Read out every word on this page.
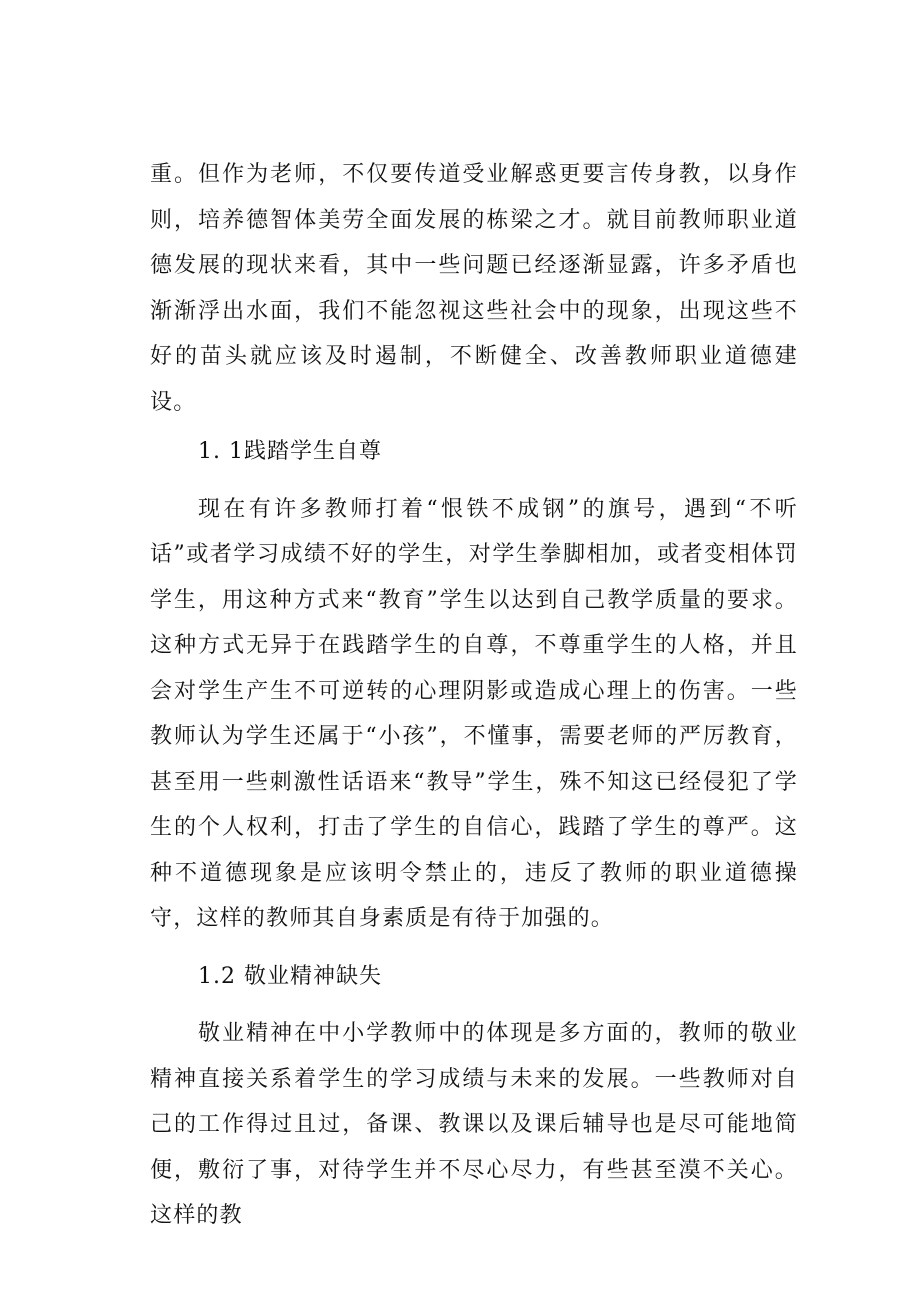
重。但作为老师，不仅要传道受业解惑更要言传身教，以身作则，培养德智体美劳全面发展的栋梁之才。就目前教师职业道德发展的现状来看，其中一些问题已经逐渐显露，许多矛盾也渐渐浮出水面，我们不能忽视这些社会中的现象，出现这些不好的苗头就应该及时遏制，不断健全、改善教师职业道德建设。

1. 1践踏学生自尊

现在有许多教师打着“恨铁不成钢”的旗号，遇到“不听话”或者学习成绩不好的学生，对学生拳脚相加，或者变相体罚学生，用这种方式来“教育”学生以达到自己教学质量的要求。这种方式无异于在践踏学生的自尊，不尊重学生的人格，并且会对学生产生不可逆转的心理阴影或造成心理上的伤害。一些教师认为学生还属于“小孩”，不懂事，需要老师的严厉教育，甚至用一些刺激性话语来“教导”学生，殊不知这已经侵犯了学生的个人权利，打击了学生的自信心，践踏了学生的尊严。这种不道德现象是应该明令禁止的，违反了教师的职业道德操守，这样的教师其自身素质是有待于加强的。

1.2 敬业精神缺失

敬业精神在中小学教师中的体现是多方面的，教师的敬业精神直接关系着学生的学习成绩与未来的发展。一些教师对自己的工作得过且过，备课、教课以及课后辅导也是尽可能地简便，敷衍了事，对待学生并不尽心尽力，有些甚至漠不关心。这样的教
